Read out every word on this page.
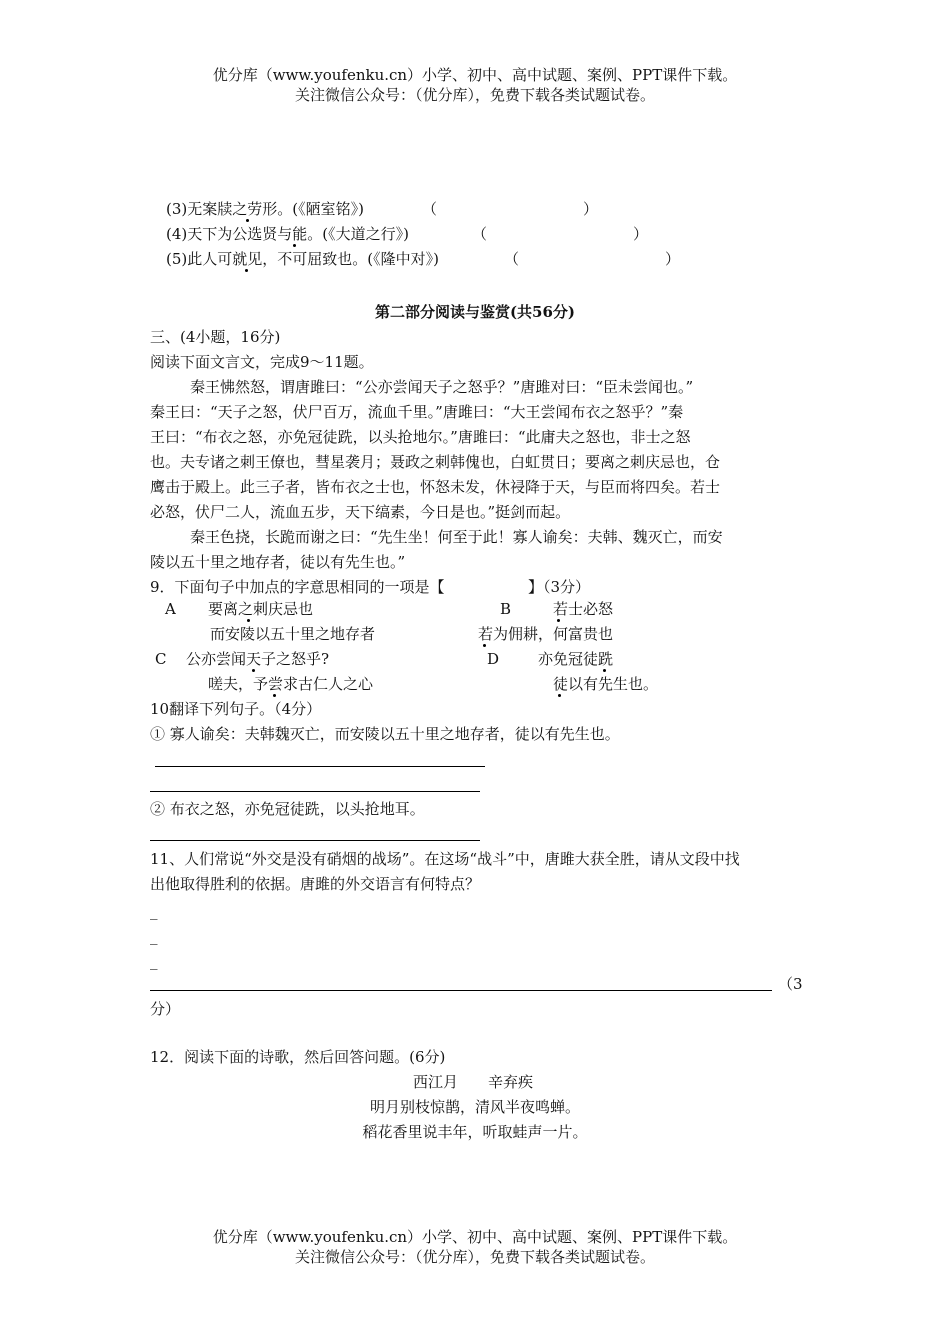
优分库（www.youfenku.cn）小学、初中、高中试题、案例、PPT课件下载。
关注微信公众号：（优分库），免费下载各类试题试卷。
(3)无案牍之劳形。(《陋室铭》)	（	）
(4)天下为公选贤与能。(《大道之行》)	（	）
(5)此人可就见，不可屈致也。(《隆中对》)	（	）
第二部分阅读与鉴赏(共56分)
三、(4小题，16分)
阅读下面文言文，完成9～11题。
秦王怫然怒，谓唐雎曰：“公亦尝闻天子之怒乎？”唐雎对曰：“臣未尝闻也。”
秦王曰：“天子之怒，伏尸百万，流血千里。”唐雎曰：“大王尝闻布衣之怒乎？”秦
王曰：“布衣之怒，亦免冠徒跣，以头抢地尔。”唐雎曰：“此庸夫之怒也，非士之怒
也。夫专诸之刺王僚也，彗星袭月；聂政之刺韩傀也，白虹贯日；要离之刺庆忌也，仓
鹰击于殿上。此三子者，皆布衣之士也，怀怒未发，休祲降于天，与臣而将四矣。若士
必怒，伏尸二人，流血五步，天下缟素，今日是也。”挺剑而起。
秦王色挠，长跪而谢之曰：“先生坐！何至于此！寡人谕矣：夫韩、魏灭亡，而安
陵以五十里之地存者，徒以有先生也。”
9．下面句子中加点的字意思相同的一项是【	】（3分）
A 要离之刺庆忌也
而安陵以五十里之地存者
B	若士必怒
若为佣耕，何富贵也
C 公亦尝闻天子之怒乎?
嗟夫，予尝求古仁人之心
D	亦免冠徒跣
徒以有先生也。
10翻译下列句子。（4分）
① 寡人谕矣：夫韩魏灭亡，而安陵以五十里之地存者，徒以有先生也。
② 布衣之怒，亦免冠徒跣，以头抢地耳。
11、人们常说“外交是没有硝烟的战场”。在这场“战斗”中，唐雎大获全胜，请从文段中找
出他取得胜利的依据。唐雎的外交语言有何特点？
_
_
_
（3
分）
12．阅读下面的诗歌，然后回答问题。(6分)
西江月 辛弃疾
明月别枝惊鹊，清风半夜鸣蝉。
稻花香里说丰年，听取蛙声一片。
优分库（www.youfenku.cn）小学、初中、高中试题、案例、PPT课件下载。
关注微信公众号：（优分库），免费下载各类试题试卷。
